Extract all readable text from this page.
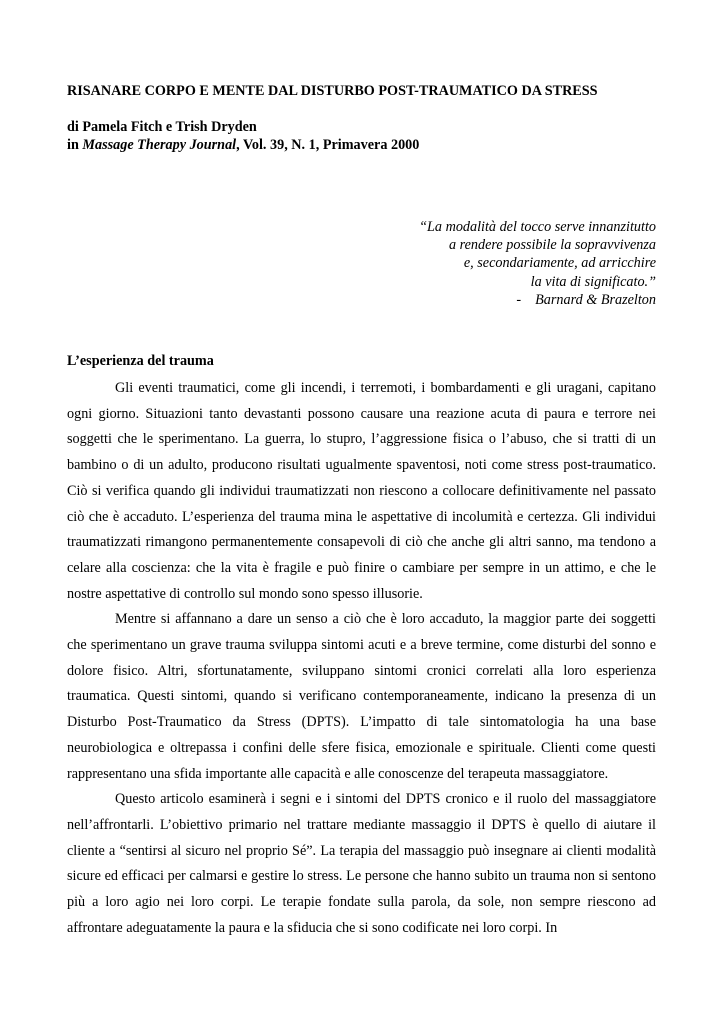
RISANARE CORPO E MENTE DAL DISTURBO POST-TRAUMATICO DA STRESS
di Pamela Fitch e Trish Dryden
in Massage Therapy Journal, Vol. 39, N. 1, Primavera 2000
“La modalità del tocco serve innanzitutto
a rendere possibile la sopravvivenza
e, secondariamente, ad arricchire
la vita di significato.”
- Barnard & Brazelton
L’esperienza del trauma

Gli eventi traumatici, come gli incendi, i terremoti, i bombardamenti e gli uragani, capitano ogni giorno. Situazioni tanto devastanti possono causare una reazione acuta di paura e terrore nei soggetti che le sperimentano. La guerra, lo stupro, l’aggressione fisica o l’abuso, che si tratti di un bambino o di un adulto, producono risultati ugualmente spaventosi, noti come stress post-traumatico. Ciò si verifica quando gli individui traumatizzati non riescono a collocare definitivamente nel passato ciò che è accaduto. L’esperienza del trauma mina le aspettative di incolumità e certezza. Gli individui traumatizzati rimangono permanentemente consapevoli di ciò che anche gli altri sanno, ma tendono a celare alla coscienza: che la vita è fragile e può finire o cambiare per sempre in un attimo, e che le nostre aspettative di controllo sul mondo sono spesso illusorie.

Mentre si affannano a dare un senso a ciò che è loro accaduto, la maggior parte dei soggetti che sperimentano un grave trauma sviluppa sintomi acuti e a breve termine, come disturbi del sonno e dolore fisico. Altri, sfortunatamente, sviluppano sintomi cronici correlati alla loro esperienza traumatica. Questi sintomi, quando si verificano contemporaneamente, indicano la presenza di un Disturbo Post-Traumatico da Stress (DPTS). L’impatto di tale sintomatologia ha una base neurobiologica e oltrepassa i confini delle sfere fisica, emozionale e spirituale. Clienti come questi rappresentano una sfida importante alle capacità e alle conoscenze del terapeuta massaggiatore.

Questo articolo esaminerà i segni e i sintomi del DPTS cronico e il ruolo del massaggiatore nell’affrontarli. L’obiettivo primario nel trattare mediante massaggio il DPTS è quello di aiutare il cliente a “sentirsi al sicuro nel proprio Sé”. La terapia del massaggio può insegnare ai clienti modalità sicure ed efficaci per calmarsi e gestire lo stress. Le persone che hanno subito un trauma non si sentono più a loro agio nei loro corpi. Le terapie fondate sulla parola, da sole, non sempre riescono ad affrontare adeguatamente la paura e la sfiducia che si sono codificate nei loro corpi. In
